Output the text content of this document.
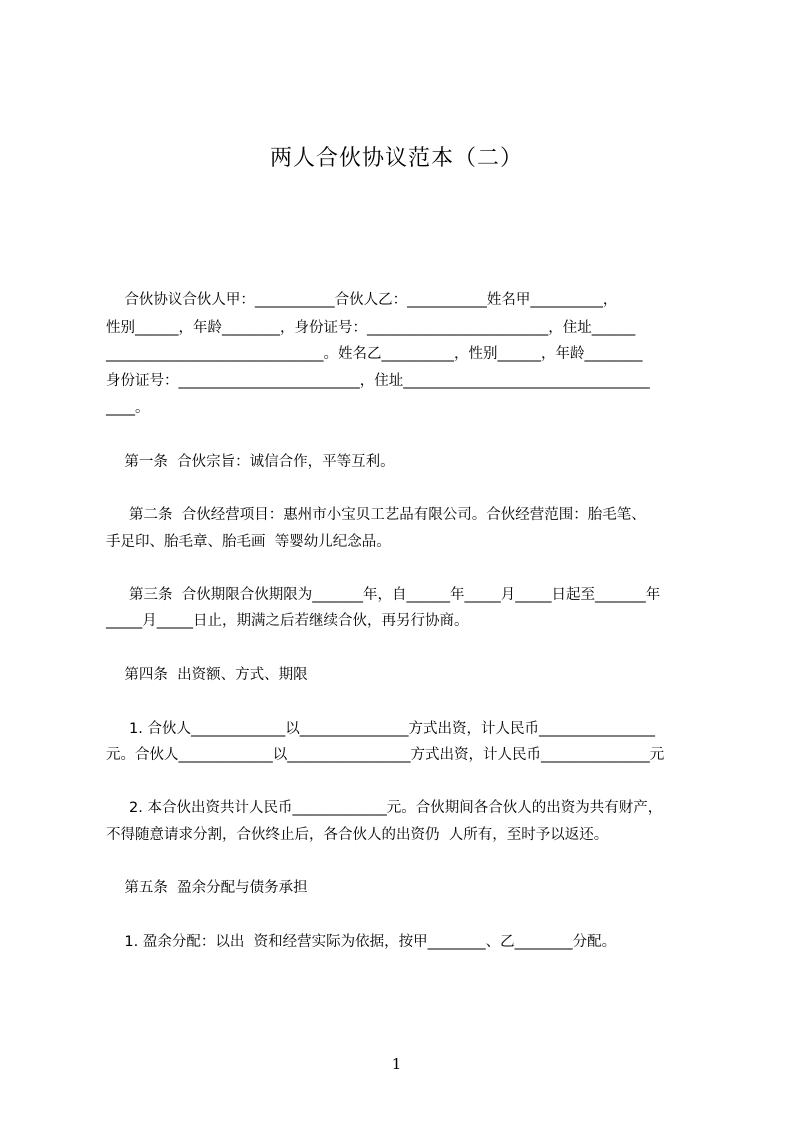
两人合伙协议范本（二）
合伙协议合伙人甲：___________合伙人乙：___________姓名甲__________，
性别______，年龄________，身份证号：_________________________，住址______
______________________________。姓名乙__________，性别______，年龄________
身份证号：_________________________，住址__________________________________
____。
第一条  合伙宗旨：诚信合作，平等互利。
第二条  合伙经营项目：惠州市小宝贝工艺品有限公司。合伙经营范围：胎毛笔、
手足印、胎毛章、胎毛画  等婴幼儿纪念品。
第三条  合伙期限合伙期限为_______年，自______年_____月_____日起至_______年
_____月_____日止，期满之后若继续合伙，再另行协商。
第四条  出资额、方式、期限
1. 合伙人_____________以_______________方式出资，计人民币________________
元。合伙人_____________以_________________方式出资，计人民币_______________元
2. 本合伙出资共计人民币_____________元。合伙期间各合伙人的出资为共有财产，
不得随意请求分割，合伙终止后，各合伙人的出资仍  人所有，至时予以返还。
第五条  盈余分配与债务承担
1. 盈余分配：以出  资和经营实际为依据，按甲________、乙________分配。
1
